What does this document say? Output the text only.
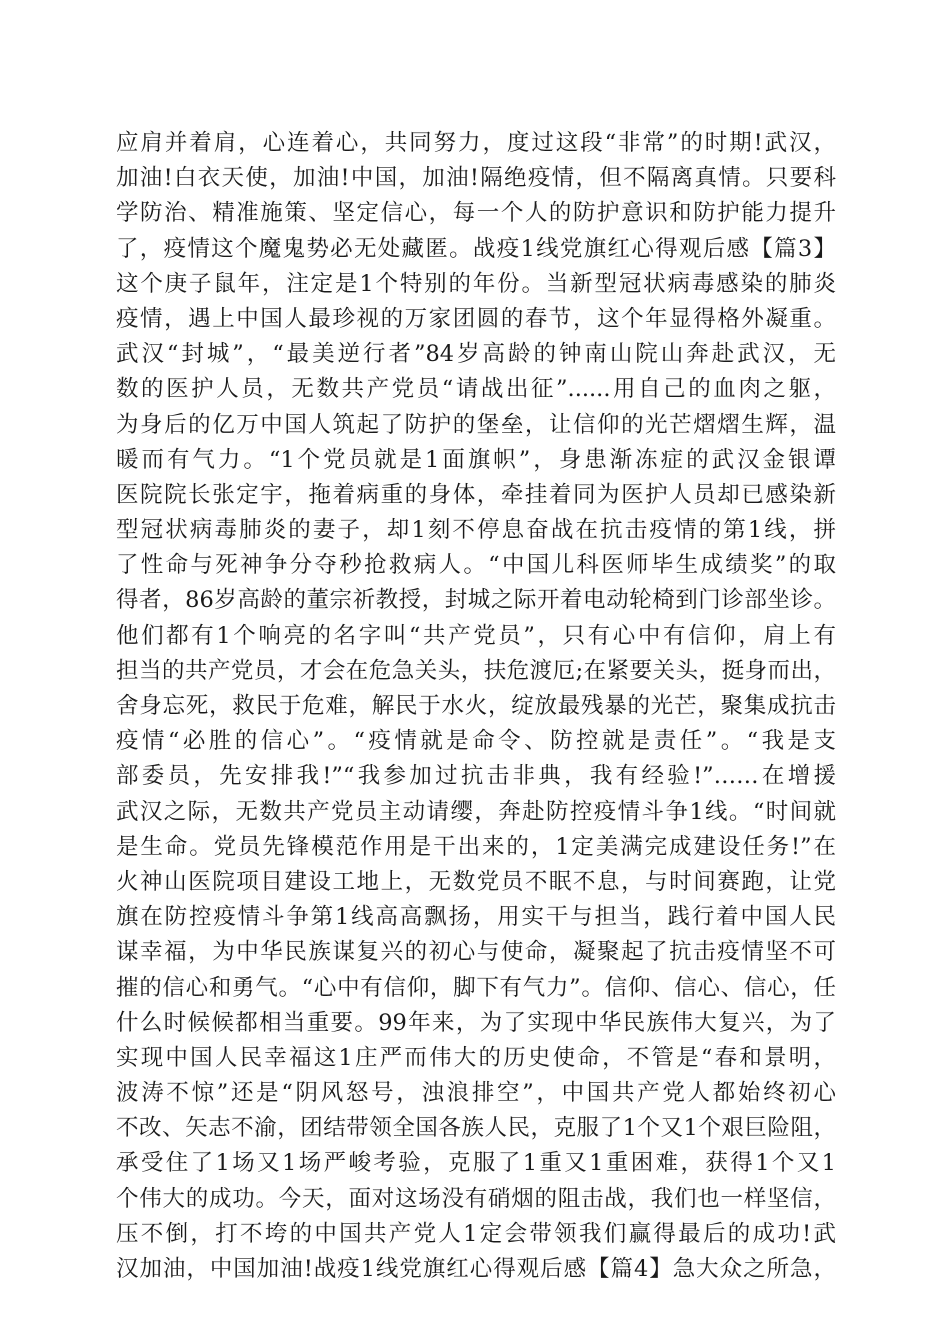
应肩并着肩，心连着心，共同努力，度过这段“非常”的时期!武汉，
加油!白衣天使，加油!中国，加油!隔绝疫情，但不隔离真情。只要科
学防治、精准施策、坚定信心，每一个人的防护意识和防护能力提升
了，疫情这个魔鬼势必无处藏匿。战疫1线党旗红心得观后感【篇3】
这个庚子鼠年，注定是1个特别的年份。当新型冠状病毒感染的肺炎
疫情，遇上中国人最珍视的万家团圆的春节，这个年显得格外凝重。
武汉“封城”，“最美逆行者”84岁高龄的钟南山院山奔赴武汉，无
数的医护人员，无数共产党员“请战出征”......用自己的血肉之躯，
为身后的亿万中国人筑起了防护的堡垒，让信仰的光芒熠熠生辉，温
暖而有气力。“1个党员就是1面旗帜”，身患渐冻症的武汉金银谭
医院院长张定宇，拖着病重的身体，牵挂着同为医护人员却已感染新
型冠状病毒肺炎的妻子，却1刻不停息奋战在抗击疫情的第1线，拼
了性命与死神争分夺秒抢救病人。“中国儿科医师毕生成绩奖”的取
得者，86岁高龄的董宗祈教授，封城之际开着电动轮椅到门诊部坐诊。
他们都有1个响亮的名字叫“共产党员”，只有心中有信仰，肩上有
担当的共产党员，才会在危急关头，扶危渡厄;在紧要关头，挺身而出，
舍身忘死，救民于危难，解民于水火，绽放最残暴的光芒，聚集成抗击
疫情“必胜的信心”。“疫情就是命令、防控就是责任”。“我是支
部委员，先安排我!”“我参加过抗击非典，我有经验!”……在增援
武汉之际，无数共产党员主动请缨，奔赴防控疫情斗争1线。“时间就
是生命。党员先锋模范作用是干出来的，1定美满完成建设任务!”在
火神山医院项目建设工地上，无数党员不眠不息，与时间赛跑，让党
旗在防控疫情斗争第1线高高飘扬，用实干与担当，践行着中国人民
谋幸福，为中华民族谋复兴的初心与使命，凝聚起了抗击疫情坚不可
摧的信心和勇气。“心中有信仰，脚下有气力”。信仰、信心、信心，任
什么时候候都相当重要。99年来，为了实现中华民族伟大复兴，为了
实现中国人民幸福这1庄严而伟大的历史使命，不管是“春和景明，
波涛不惊”还是“阴风怒号，浊浪排空”，中国共产党人都始终初心
不改、矢志不渝，团结带领全国各族人民，克服了1个又1个艰巨险阻，
承受住了1场又1场严峻考验，克服了1重又1重困难，获得1个又1
个伟大的成功。今天，面对这场没有硝烟的阻击战，我们也一样坚信，
压不倒，打不垮的中国共产党人1定会带领我们赢得最后的成功!武
汉加油，中国加油!战疫1线党旗红心得观后感【篇4】急大众之所急，
